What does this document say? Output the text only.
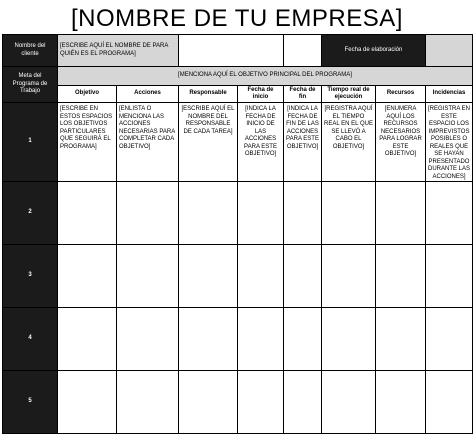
[NOMBRE DE TU EMPRESA]
Nombre del cliente	[ESCRIBE AQUÍ EL NOMBRE DE PARA QUIÉN ES EL PROGRAMA]					Fecha de elaboración		
Meta del Programa de Trabajo	[MENCIONA AQUÍ EL OBJETIVO PRINCIPAL DEL PROGRAMA]							
	Objetivo	Acciones	Responsable	Fecha de inicio	Fecha de fin	Tiempo real de ejecución	Recursos	Incidencias
1	[ESCRIBE EN ESTOS ESPACIOS LOS OBJETIVOS PARTICULARES QUE SEGUIRÁ EL PROGRAMA]	[ENLISTA O MENCIONA LAS ACCIONES NECESARIAS PARA COMPLETAR CADA OBJETIVO]	[ESCRIBE AQUÍ EL NOMBRE DEL RESPONSABLE DE CADA TAREA]	[INDICA LA FECHA DE INICIO DE LAS ACCIONES PARA ESTE OBJETIVO]	[INDICA LA FECHA DE FIN DE LAS ACCIONES PARA ESTE OBJETIVO]	[REGISTRA AQUÍ EL TIEMPO REAL EN EL QUE SE LLEVÓ A CABO EL OBJETIVO]	[ENUMERA AQUÍ LOS RECURSOS NECESARIOS PARA LOGRAR ESTE OBJETIVO]	[REGISTRA EN ESTE ESPACIO LOS IMPREVISTOS POSIBLES O REALES QUE SE HAYAN PRESENTADO DURANTE LAS ACCIONES]
2								
3								
4								
5								
